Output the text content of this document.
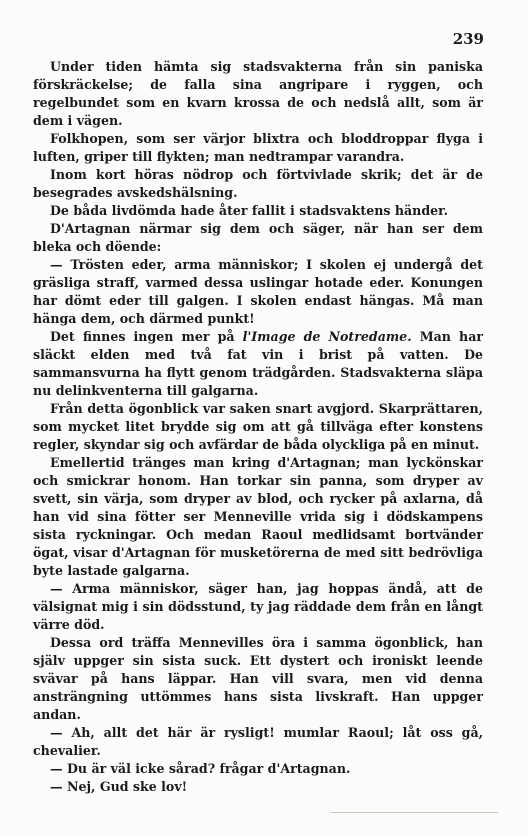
239

Under tiden hämta sig stadsvakterna från sin paniska förskräckelse; de falla sina angripare i ryggen, och regelbundet som en kvarn krossa de och nedslå allt, som är dem i vägen.

Folkhopen, som ser värjor blixtra och bloddroppar flyga i luften, griper till flykten; man nedtrampar varandra.

Inom kort höras nödrop och förtvivlade skrik; det är de besegrades avskedshälsning.

De båda livdömda hade åter fallit i stadsvaktens händer.

D'Artagnan närmar sig dem och säger, när han ser dem bleka och döende:

— Trösten eder, arma människor; I skolen ej undergå det gräsliga straff, varmed dessa uslingar hotade eder. Konungen har dömt eder till galgen. I skolen endast hängas. Må man hänga dem, och därmed punkt!

Det finnes ingen mer på l'Image de Notredame. Man har släckt elden med två fat vin i brist på vatten. De sammansvurna ha flytt genom trädgården. Stadsvakterna släpa nu delinkventerna till galgarna.

Från detta ögonblick var saken snart avgjord. Skarprättaren, som mycket litet brydde sig om att gå tillväga efter konstens regler, skyndar sig och avfärdar de båda olyckliga på en minut.

Emellertid tränges man kring d'Artagnan; man lyckönskar och smickrar honom. Han torkar sin panna, som dryper av svett, sin värja, som dryper av blod, och rycker på axlarna, då han vid sina fötter ser Menneville vrida sig i dödskampens sista ryckningar. Och medan Raoul medlidsamt bortvänder ögat, visar d'Artagnan för musketörerna de med sitt bedrövliga byte lastade galgarna.

— Arma människor, säger han, jag hoppas ändå, att de välsignat mig i sin dödsstund, ty jag räddade dem från en långt värre död.

Dessa ord träffa Mennevilles öra i samma ögonblick, han själv uppger sin sista suck. Ett dystert och ironiskt leende svävar på hans läppar. Han vill svara, men vid denna ansträngning uttömmes hans sista livskraft. Han uppger andan.

— Ah, allt det här är rysligt! mumlar Raoul; låt oss gå, chevalier.

— Du är väl icke sårad? frågar d'Artagnan.

— Nej, Gud ske lov!
